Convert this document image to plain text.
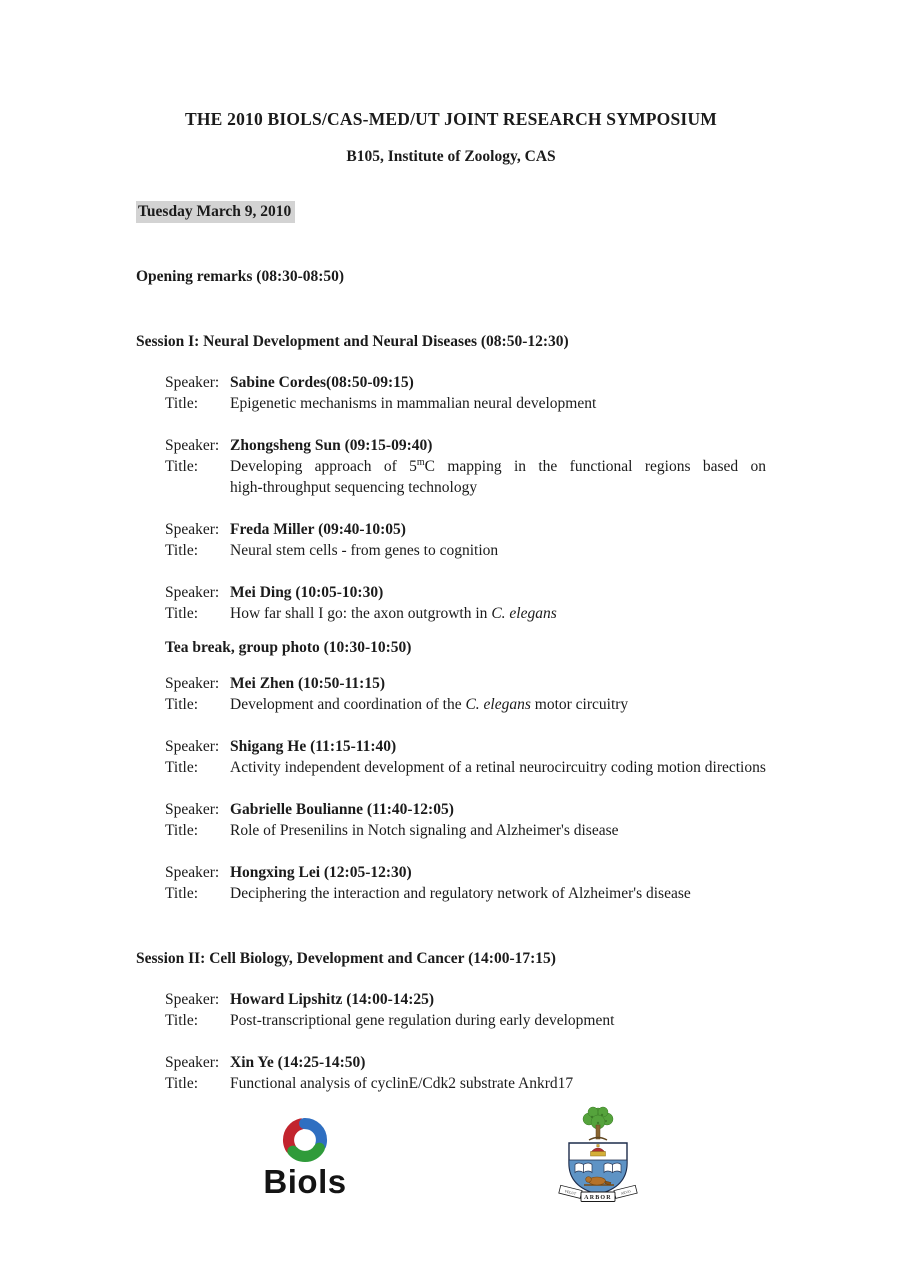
THE 2010 BIOLS/CAS-MED/UT JOINT RESEARCH SYMPOSIUM
B105, Institute of Zoology, CAS
Tuesday March 9, 2010
Opening remarks (08:30-08:50)
Session I: Neural Development and Neural Diseases (08:50-12:30)
Speaker: Sabine Cordes(08:50-09:15)
Title:	Epigenetic mechanisms in mammalian neural development
Speaker: Zhongsheng Sun (09:15-09:40)
Title:	Developing approach of 5$^m$C mapping in the functional regions based on high-throughput sequencing technology
Speaker: Freda Miller (09:40-10:05)
Title:	Neural stem cells - from genes to cognition
Speaker: Mei Ding (10:05-10:30)
Title:	How far shall I go: the axon outgrowth in C. elegans
Tea break, group photo (10:30-10:50)
Speaker: Mei Zhen (10:50-11:15)
Title:	Development and coordination of the C. elegans motor circuitry
Speaker: Shigang He (11:15-11:40)
Title:	Activity independent development of a retinal neurocircuitry coding motion directions
Speaker: Gabrielle Boulianne (11:40-12:05)
Title:	Role of Presenilins in Notch signaling and Alzheimer's disease
Speaker: Hongxing Lei (12:05-12:30)
Title:	Deciphering the interaction and regulatory network of Alzheimer's disease
Session II: Cell Biology, Development and Cancer (14:00-17:15)
Speaker: Howard Lipshitz (14:00-14:25)
Title:	Post-transcriptional gene regulation during early development
Speaker: Xin Ye (14:25-14:50)
Title:	Functional analysis of cyclinE/Cdk2 substrate Ankrd17
Biols	VELUT	AEVO
ARBOR
